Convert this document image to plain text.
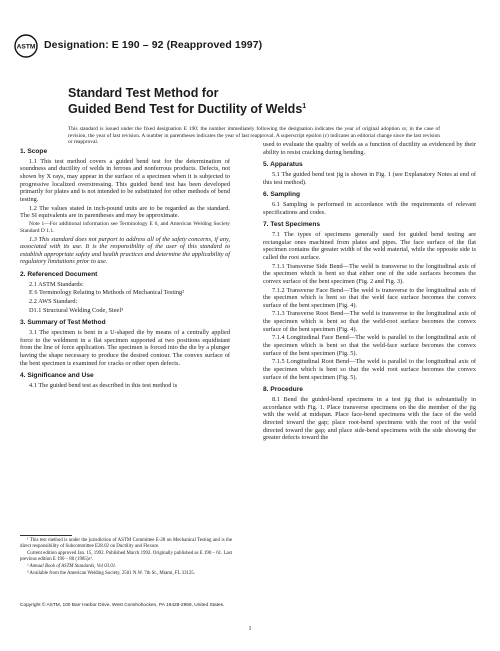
ASTM Designation: E 190 – 92 (Reapproved 1997)
Standard Test Method for
Guided Bend Test for Ductility of Welds$^1$
This standard is issued under the fixed designation E 190; the number immediately following the designation indicates the year of original adoption or, in the case of revision, the year of last revision. A number in parentheses indicates the year of last reapproval. A superscript epsilon (ε) indicates an editorial change since the last revision or reapproval.
1. Scope

1.1 This test method covers a guided bend test for the determination of soundness and ductility of welds in ferrous and nonferrous products. Defects, not shown by X rays, may appear in the surface of a specimen when it is subjected to progressive localized overstressing. This guided bend test has been developed primarily for plates and is not intended to be substituted for other methods of bend testing.

1.2 The values stated in inch-pound units are to be regarded as the standard. The SI equivalents are in parentheses and may be approximate.

Note 1—For additional information see Terminology E 6, and American Welding Society Standard D 1.1.

1.3 This standard does not purport to address all of the safety concerns, if any, associated with its use. It is the responsibility of the user of this standard to establish appropriate safety and health practices and determine the applicability of regulatory limitations prior to use.

2. Referenced Document

2.1 ASTM Standards:

E 6 Terminology Relating to Methods of Mechanical Testing²

2.2 AWS Standard:

D1.1 Structural Welding Code, Steel³

3. Summary of Test Method

3.1 The specimen is bent in a U-shaped die by means of a centrally applied force to the weldment in a flat specimen supported at two positions equidistant from the line of force application. The specimen is forced into the die by a plunger having the shape necessary to produce the desired contour. The convex surface of the bent specimen is examined for cracks or other open defects.

4. Significance and Use

4.1 The guided bend test as described in this test method is

used to evaluate the quality of welds as a function of ductility as evidenced by their ability to resist cracking during bending.

5. Apparatus

5.1 The guided bend test jig is shown in Fig. 1 (see Explanatory Notes at end of this test method).

6. Sampling

6.1 Sampling is performed in accordance with the requirements of relevant specifications and codes.

7. Test Specimens

7.1 The types of specimens generally used for guided bend testing are rectangular ones machined from plates and pipes. The face surface of the flat specimen contains the greater width of the weld material, while the opposite side is called the root surface.

7.1.1 Transverse Side Bend—The weld is transverse to the longitudinal axis of the specimen which is bent so that either one of the side surfaces becomes the convex surface of the bent specimen (Fig. 2 and Fig. 3).

7.1.2 Transverse Face Bend—The weld is transverse to the longitudinal axis of the specimen which is bent so that the weld face surface becomes the convex surface of the bent specimen (Fig. 4).

7.1.3 Transverse Root Bend—The weld is transverse to the longitudinal axis of the specimen which is bent so that the weld-root surface becomes the convex surface of the bent specimen (Fig. 4).

7.1.4 Longitudinal Face Bend—The weld is parallel to the longitudinal axis of the specimen which is bent so that the weld-face surface becomes the convex surface of the bent specimen (Fig. 5).

7.1.5 Longitudinal Root Bend—The weld is parallel to the longitudinal axis of the specimen which is bent so that the weld root surface becomes the convex surface of the bent specimen (Fig. 5).

8. Procedure

8.1 Bend the guided-bend specimens in a test jig that is substantially in accordance with Fig. 1. Place transverse specimens on the die member of the jig with the weld at midspan. Place face-bend specimens with the face of the weld directed toward the gap; place root-bend specimens with the root of the weld directed toward the gap; and place side-bend specimens with the side showing the greater defects toward the

¹ This test method is under the jurisdiction of ASTM Committee E-28 on Mechanical Testing and is the direct responsibility of Subcommittee E28.02 on Ductility and Flexure.

Current edition approved Jan. 15, 1992. Published March 1992. Originally published as E 190 – 61. Last previous edition E 190 – 80 (1985)ε¹.

² Annual Book of ASTM Standards, Vol 03.01.

³ Available from the American Welding Society, 2501 N.W. 7th St., Miami, FL 33125.

Copyright © ASTM, 100 Barr Harbor Drive, West Conshohocken, PA 19428-2959, United States.
1
